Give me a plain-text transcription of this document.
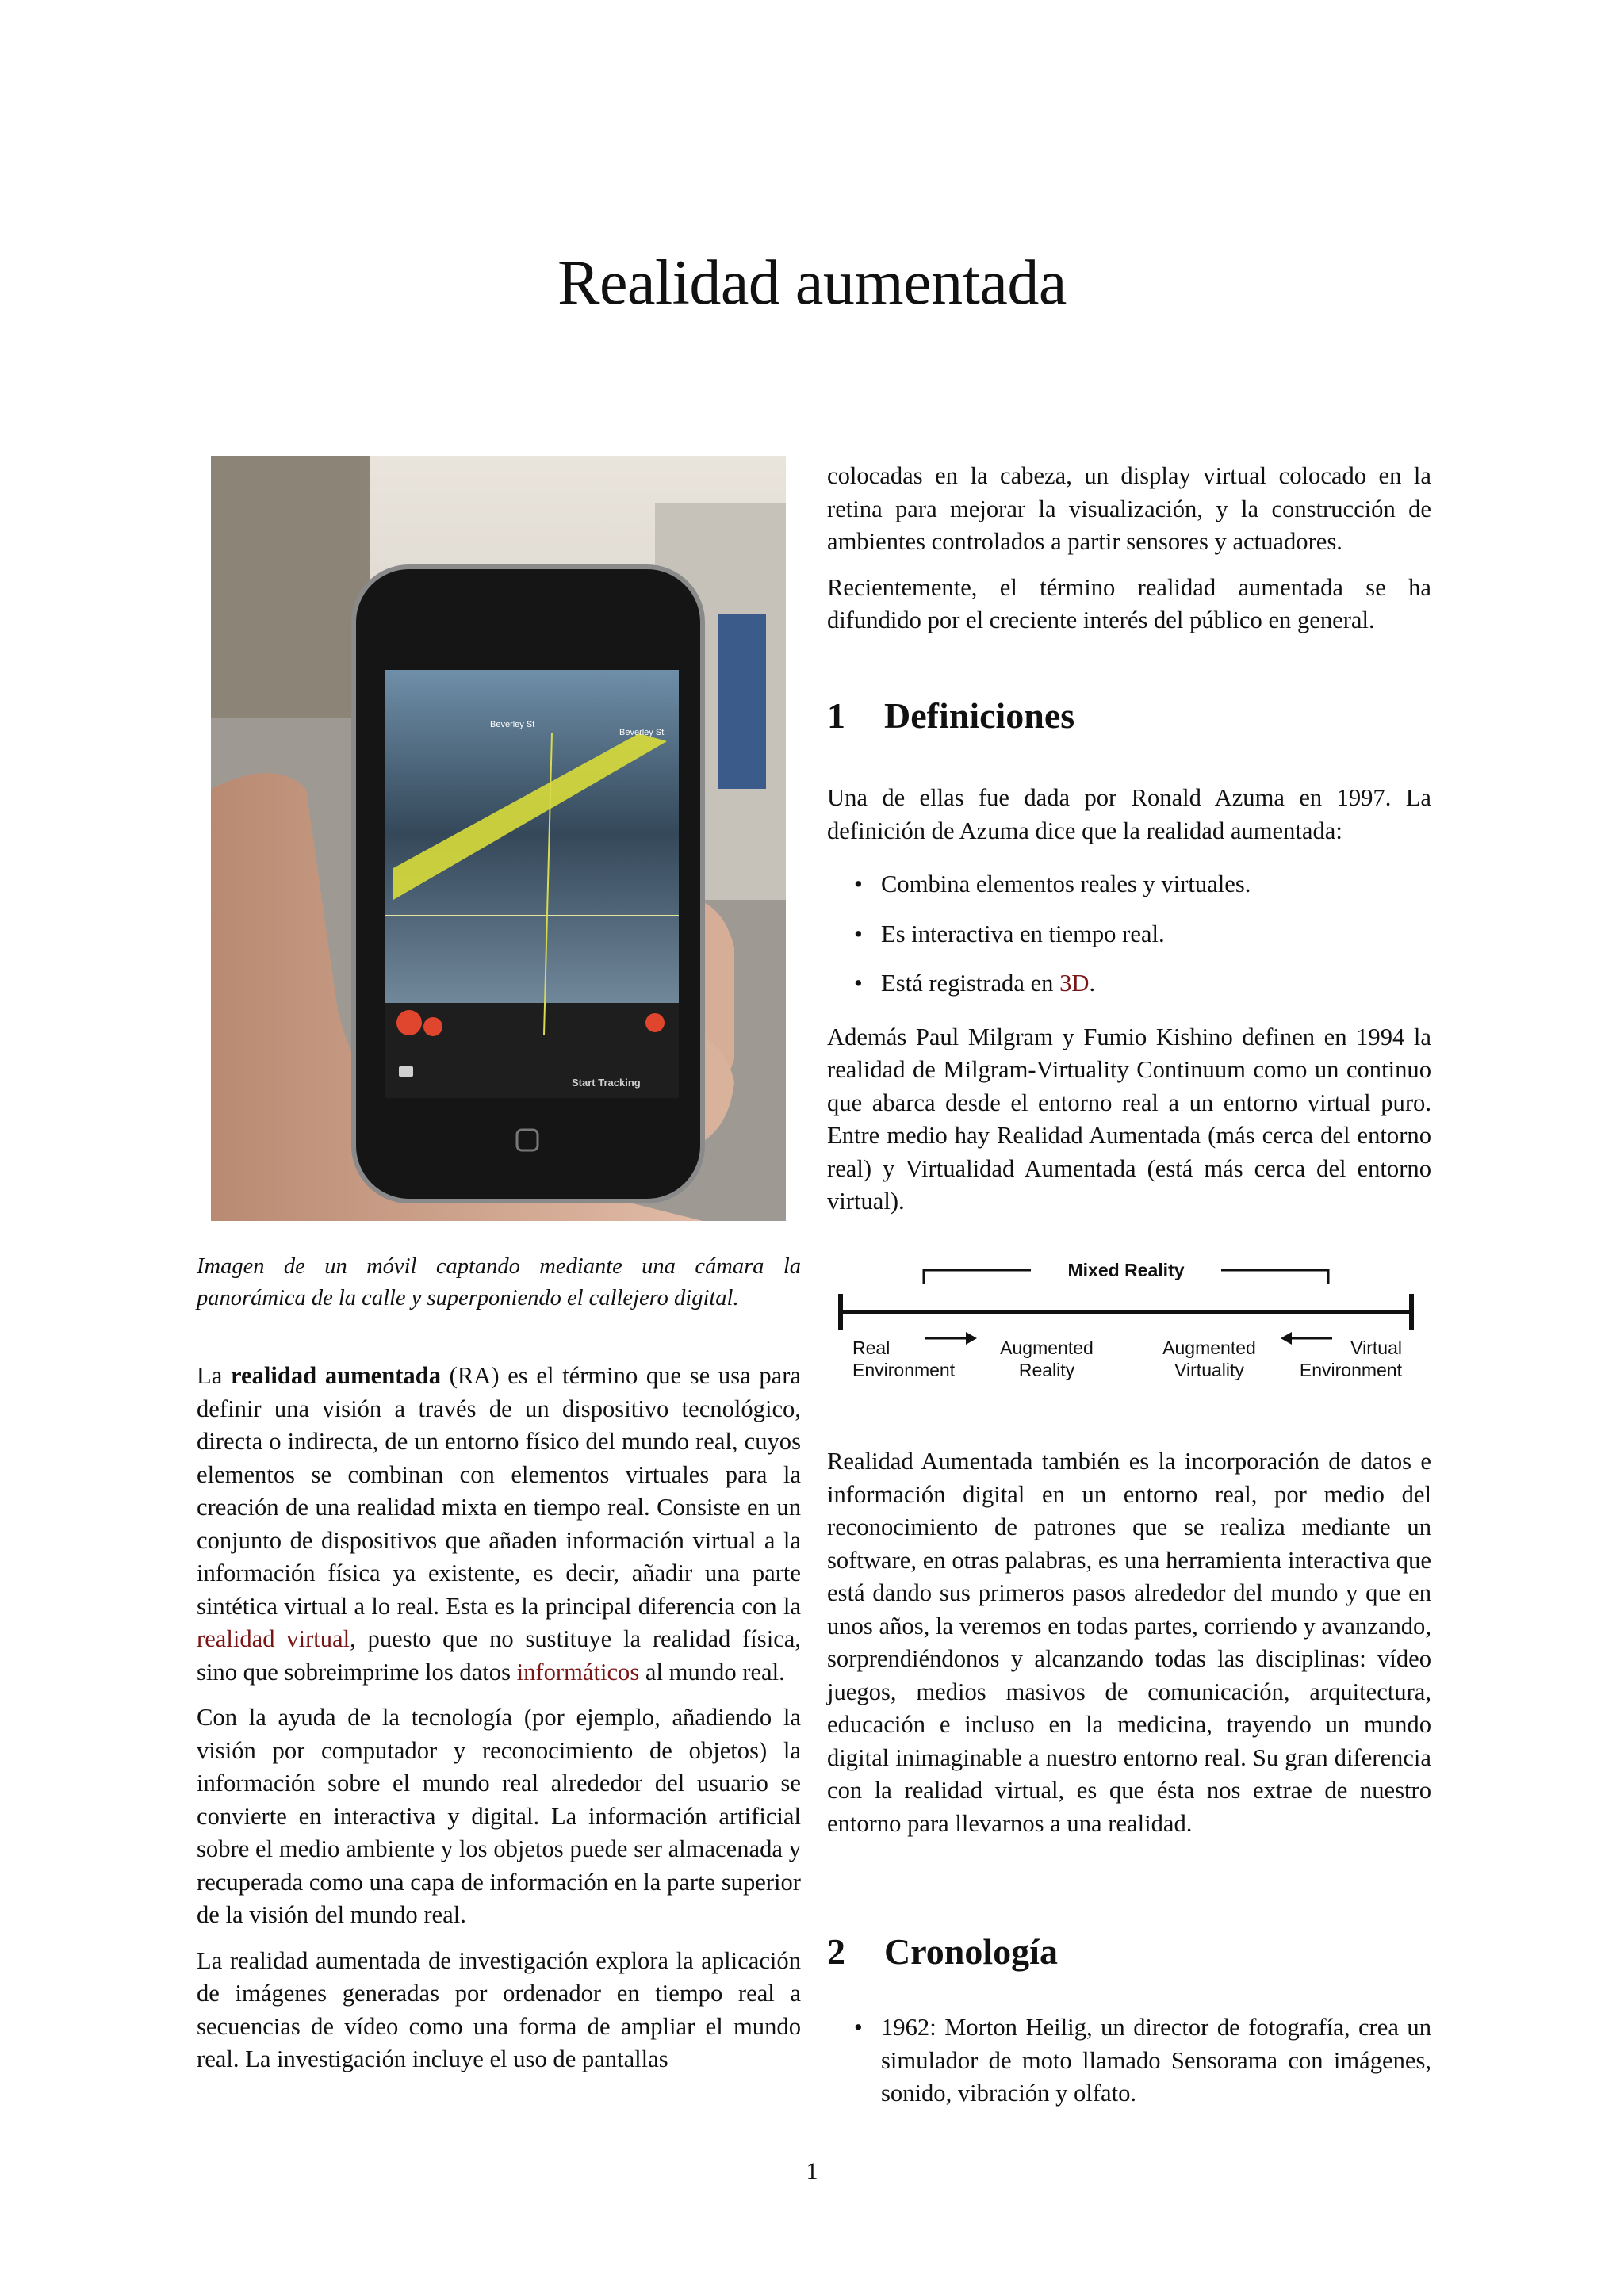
Realidad aumentada
Beverley St
Beverley St
Start Tracking

Imagen de un móvil captando mediante una cámara la panorámica de la calle y superponiendo el callejero digital.

La realidad aumentada (RA) es el término que se usa para definir una visión a través de un dispositivo tecnológico, directa o indirecta, de un entorno físico del mundo real, cuyos elementos se combinan con elementos virtuales para la creación de una realidad mixta en tiempo real. Consiste en un conjunto de dispositivos que añaden información virtual a la información física ya existente, es decir, añadir una parte sintética virtual a lo real. Esta es la principal diferencia con la realidad virtual, puesto que no sustituye la realidad física, sino que sobreimprime los datos informáticos al mundo real.

Con la ayuda de la tecnología (por ejemplo, añadiendo la visión por computador y reconocimiento de objetos) la información sobre el mundo real alrededor del usuario se convierte en interactiva y digital. La información artificial sobre el medio ambiente y los objetos puede ser almacenada y recuperada como una capa de información en la parte superior de la visión del mundo real.

La realidad aumentada de investigación explora la aplicación de imágenes generadas por ordenador en tiempo real a secuencias de vídeo como una forma de ampliar el mundo real. La investigación incluye el uso de pantallas

colocadas en la cabeza, un display virtual colocado en la retina para mejorar la visualización, y la construcción de ambientes controlados a partir sensores y actuadores.

Recientemente, el término realidad aumentada se ha difundido por el creciente interés del público en general.

1 Definiciones

Una de ellas fue dada por Ronald Azuma en 1997. La definición de Azuma dice que la realidad aumentada:

• Combina elementos reales y virtuales.
• Es interactiva en tiempo real.
• Está registrada en 3D.

Además Paul Milgram y Fumio Kishino definen en 1994 la realidad de Milgram-Virtuality Continuum como un continuo que abarca desde el entorno real a un entorno virtual puro. Entre medio hay Realidad Aumentada (más cerca del entorno real) y Virtualidad Aumentada (está más cerca del entorno virtual).

Mixed Reality
Real
Environment
Augmented
Reality
Augmented
Virtuality
Virtual
Environment

Realidad Aumentada también es la incorporación de datos e información digital en un entorno real, por medio del reconocimiento de patrones que se realiza mediante un software, en otras palabras, es una herramienta interactiva que está dando sus primeros pasos alrededor del mundo y que en unos años, la veremos en todas partes, corriendo y avanzando, sorprendiéndonos y alcanzando todas las disciplinas: vídeo juegos, medios masivos de comunicación, arquitectura, educación e incluso en la medicina, trayendo un mundo digital inimaginable a nuestro entorno real. Su gran diferencia con la realidad virtual, es que ésta nos extrae de nuestro entorno para llevarnos a una realidad.

2 Cronología
• 1962: Morton Heilig, un director de fotografía, crea un simulador de moto llamado Sensorama con imágenes, sonido, vibración y olfato.
1
